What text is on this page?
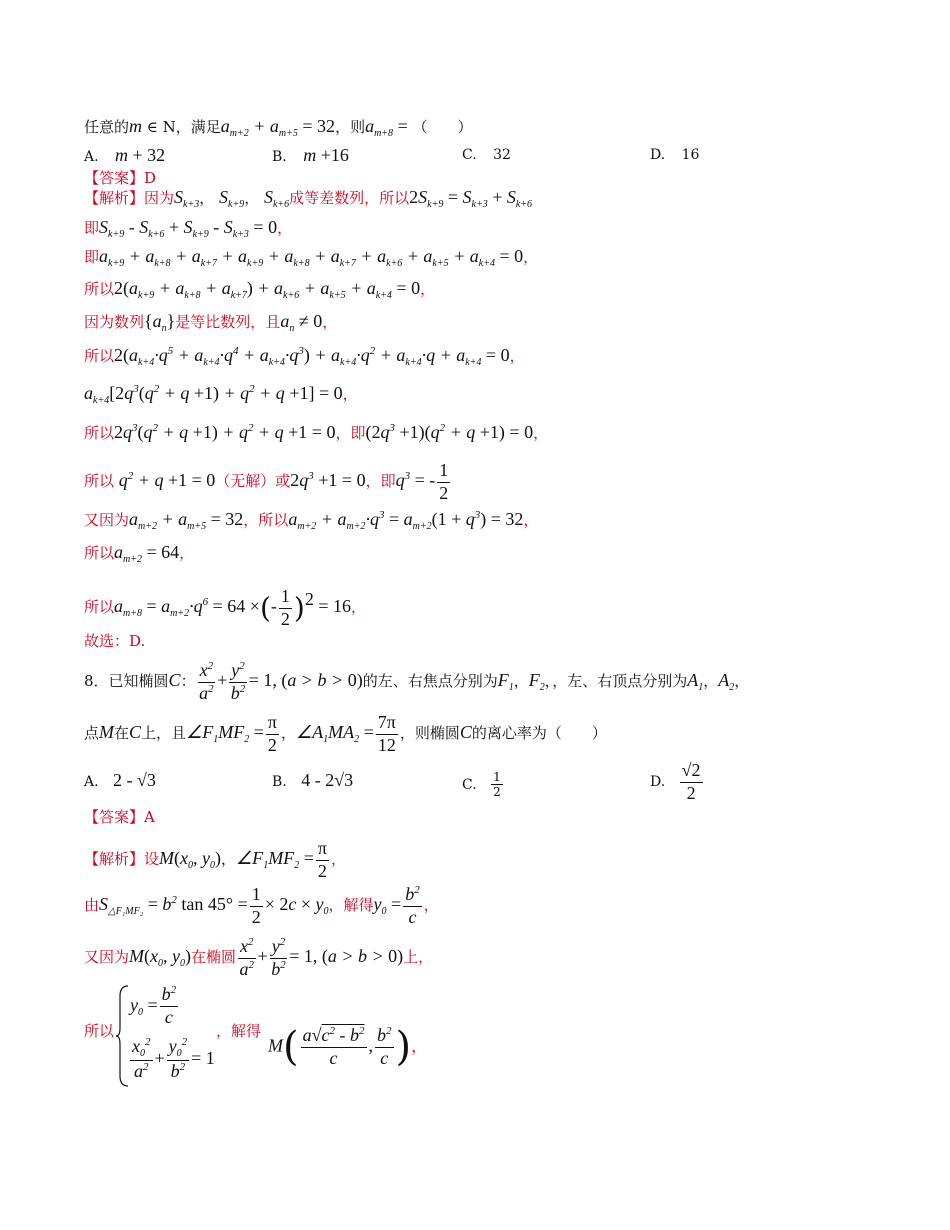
任意的m ∈ N，满足$a_{m+2} + a_{m+5} = 32$，则$a_{m+8}$ = （　　）
A. m + 32	B. m +16	C. 32	D. 16
【答案】D
【解析】因为$S_{k+3}$， $S_{k+9}$， $S_{k+6}$成等差数列，所以$2S_{k+9} = S_{k+3} + S_{k+6}$
即$S_{k+9} - S_{k+6} + S_{k+9} - S_{k+3} = 0$，
即$a_{k+9} + a_{k+8} + a_{k+7} + a_{k+9} + a_{k+8} + a_{k+7} + a_{k+6} + a_{k+5} + a_{k+4} = 0$，
所以$2(a_{k+9} + a_{k+8} + a_{k+7}) + a_{k+6} + a_{k+5} + a_{k+4} = 0$，
因为数列$\{a_n\}$是等比数列，且$a_n \ne 0$，
所以$2(a_{k+4}\cdot q^5 + a_{k+4}\cdot q^4 + a_{k+4}\cdot q^3) + a_{k+4}\cdot q^2 + a_{k+4}\cdot q + a_{k+4} = 0$，
$a_{k+4}[2q^3(q^2 + q +1) + q^2 + q +1] = 0$，
所以$2q^3(q^2 + q +1) + q^2 + q +1 = 0$，即$(2q^3 +1)(q^2 + q +1) = 0$，
所以 $q^2 + q +1 = 0$（无解）或$2q^3 +1 = 0$，即$q^3$ = - $\frac{1}{2}$
又因为$a_{m+2} + a_{m+5} = 32$，所以$a_{m+2} + a_{m+2}\cdot q^3 = a_{m+2}(1 + q^3) = 32$，
所以$a_{m+2} = 64$，
所以$a_{m+8} = a_{m+2}\cdot q^6 = 64$ ×(- $\frac{1}{2} )^2 = 16$，
故选：D.
8．已知椭圆C： $\frac{x^2}{a^2} + \frac{y^2}{b^2} = 1$, (a > b > 0)的左、右焦点分别为$F_1$，$F_2$，，左、右顶点分别为$A_1$，$A_2$，
点M在C上，且$\angle F_1MF_2 = \frac{\pi}{2}$ ，$\angle A_1MA_2 = \frac{7\pi}{12}$ ，则椭圆C的离心率为（　　）
A. 2 - √3	B. 4 - 2√3	C. $\frac{1}{2}$	D. $\frac{√2}{2}$
【答案】A
【解析】设$M(x_0$, $y_0$)，$\angle F_1MF_2 = \frac{\pi}{2}$ ，
由$S_{\triangle F_1MF_2} = b^2$ $\tan 45^\circ = \frac{1}{2} \times 2c \times y_0$，解得$y_0 = \frac{b^2}{c}$ ，
又因为$M(x_0$, $y_0$)在椭圆 $\frac{x^2}{a^2} + \frac{y^2}{b^2} = 1$, (a > b > 0)上，
所以
$y_0 = \frac{b^2}{c}$
$\frac{x_0^2}{a^2} + \frac{y_0^2}{b^2} = 1$
，解得
$M( \frac{a√c^2 - b^2}{c}$ , $\frac{b^2}{c}$ )，
